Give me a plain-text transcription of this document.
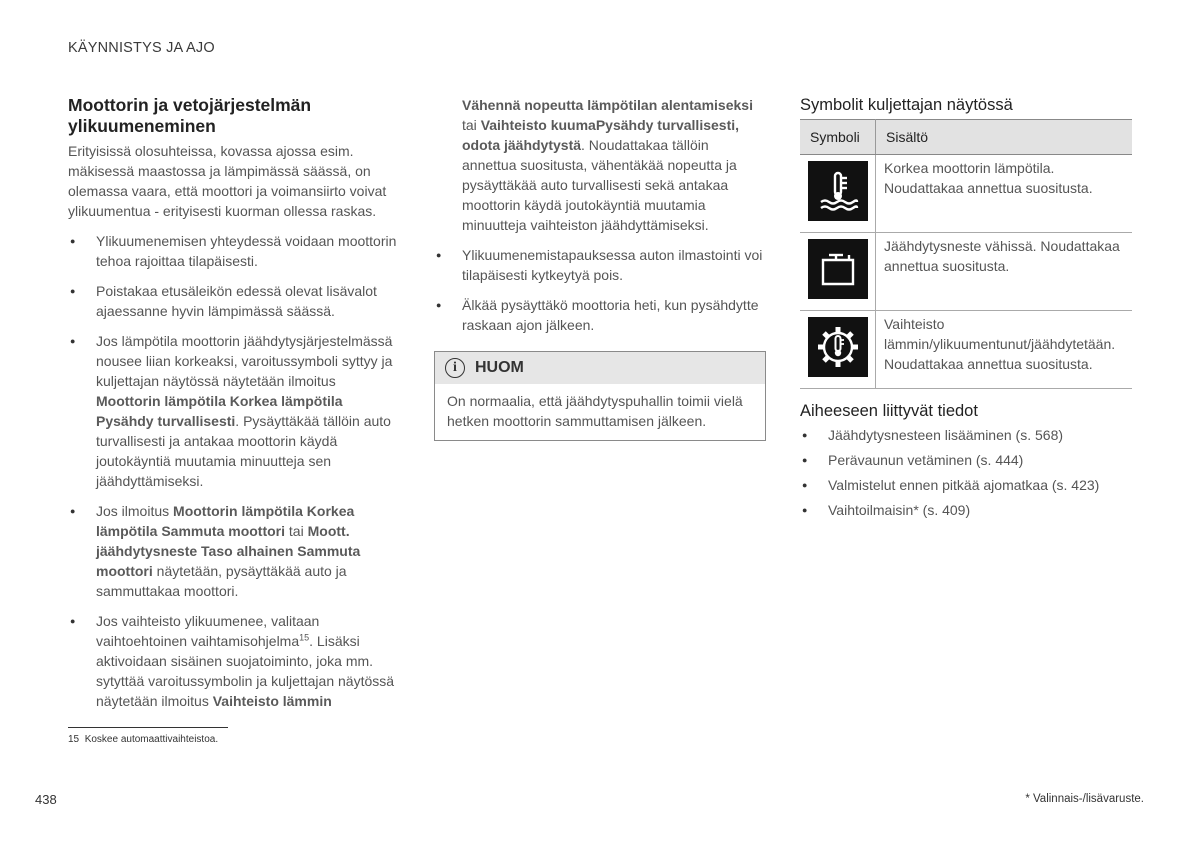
KÄYNNISTYS JA AJO
Moottorin ja vetojärjestelmän ylikuumeneminen

Erityisissä olosuhteissa, kovassa ajossa esim. mäkisessä maastossa ja lämpimässä säässä, on olemassa vaara, että moottori ja voimansiirto voivat ylikuumentua - erityisesti kuorman ollessa raskas.

● Ylikuumenemisen yhteydessä voidaan moottorin tehoa rajoittaa tilapäisesti.
● Poistakaa etusäleikön edessä olevat lisävalot ajaessanne hyvin lämpimässä säässä.
● Jos lämpötila moottorin jäähdytysjärjestelmässä nousee liian korkeaksi, varoitussymboli syttyy ja kuljettajan näytössä näytetään ilmoitus Moottorin lämpötila Korkea lämpötila Pysähdy turvallisesti. Pysäyttäkää tällöin auto turvallisesti ja antakaa moottorin käydä joutokäyntiä muutamia minuutteja sen jäähdyttämiseksi.
● Jos ilmoitus Moottorin lämpötila Korkea lämpötila Sammuta moottori tai Moott. jäähdytysneste Taso alhainen Sammuta moottori näytetään, pysäyttäkää auto ja sammuttakaa moottori.
● Jos vaihteisto ylikuumenee, valitaan vaihtoehtoinen vaihtamisohjelma$^{15}$. Lisäksi aktivoidaan sisäinen suojatoiminto, joka mm. sytyttää varoitussymbolin ja kuljettajan näytössä näytetään ilmoitus Vaihteisto lämmin

Vähennä nopeutta lämpötilan alentamiseksi tai Vaihteisto kuumaPysähdy turvallisesti, odota jäähdytystä. Noudattakaa tällöin annettua suositusta, vähentäkää nopeutta ja pysäyttäkää auto turvallisesti sekä antakaa moottorin käydä joutokäyntiä muutamia minuutteja vaihteiston jäähdyttämiseksi.

● Ylikuumenemistapauksessa auton ilmastointi voi tilapäisesti kytkeytyä pois.
● Älkää pysäyttäkö moottoria heti, kun pysähdytte raskaan ajon jälkeen.
i	HUOM
On normaalia, että jäähdytyspuhallin toimii vielä hetken moottorin sammuttamisen jälkeen.
Symbolit kuljettajan näytössä
Symboli	Sisältö

	Korkea moottorin lämpötila. Noudattakaa annettua suositusta.

	Jäähdytysneste vähissä. Noudattakaa annettua suositusta.

	Vaihteisto lämmin/ylikuumentunut/jäähdytetään. Noudattakaa annettua suositusta.
Aiheeseen liittyvät tiedot
● Jäähdytysnesteen lisääminen (s. 568)
● Perävaunun vetäminen (s. 444)
● Valmistelut ennen pitkää ajomatkaa (s. 423)
● Vaihtoilmaisin* (s. 409)
15 Koskee automaattivaihteistoa.
438	* Valinnais-/lisävaruste.
